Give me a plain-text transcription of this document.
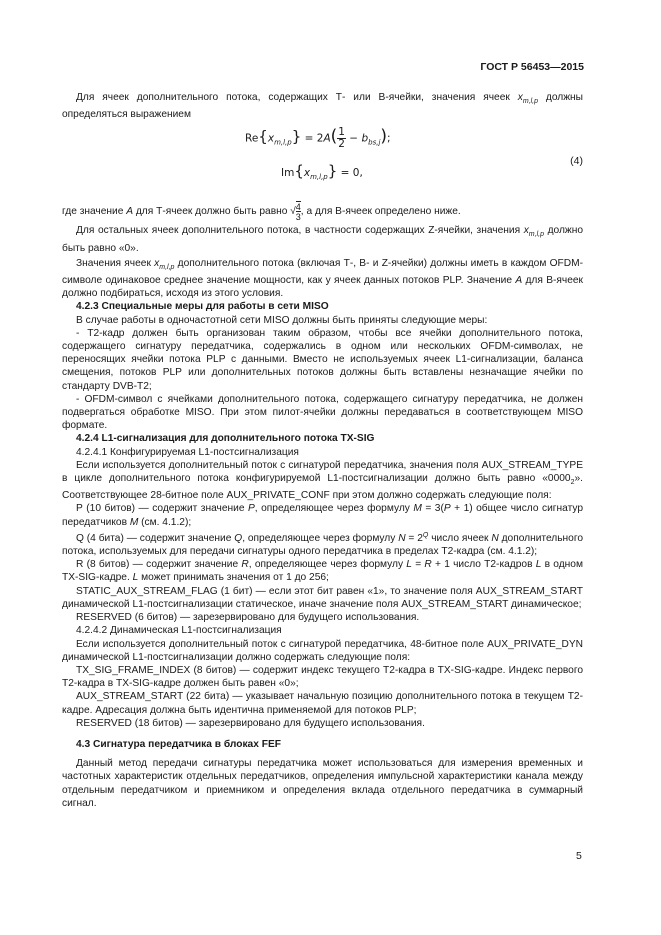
ГОСТ Р 56453—2015

Для ячеек дополнительного потока, содержащих Т- или В-ячейки, значения ячеек $x_{m,l,p}$ должны определяться выражением

$Re\{x_{m,l,p}\} = 2A(\frac{1}{2} - b_{bs,j})$;
$Im\{x_{m,l,p}\} = 0$,
(4)

где значение А для Т-ячеек должно быть равно $√\frac{4}{3}$, а для В-ячеек определено ниже.

Для остальных ячеек дополнительного потока, в частности содержащих Z-ячейки, значения $x_{m,l,p}$ должно быть равно «0».

Значения ячеек $x_{m,l,p}$ дополнительного потока (включая Т-, В- и Z-ячейки) должны иметь в каждом OFDM-символе одинаковое среднее значение мощности, как у ячеек данных потоков PLP. Значение А для В-ячеек должно подбираться, исходя из этого условия.

4.2.3 Специальные меры для работы в сети MISO

В случае работы в одночастотной сети MISO должны быть приняты следующие меры:

- Т2-кадр должен быть организован таким образом, чтобы все ячейки дополнительного потока, содержащего сигнатуру передатчика, содержались в одном или нескольких OFDM-символах, не переносящих ячейки потока PLP с данными. Вместо не используемых ячеек L1-сигнализации, баланса смещения, потоков PLP или дополнительных потоков должны быть вставлены незначащие ячейки по стандарту DVB-T2;

- OFDM-символ с ячейками дополнительного потока, содержащего сигнатуру передатчика, не должен подвергаться обработке MISO. При этом пилот-ячейки должны передаваться в соответствующем MISO формате.

4.2.4 L1-сигнализация для дополнительного потока TX-SIG

4.2.4.1 Конфигурируемая L1-постсигнализация

Если используется дополнительный поток с сигнатурой передатчика, значения поля AUX_STREAM_TYPE в цикле дополнительного потока конфигурируемой L1-постсигнализации должно быть равно «$0000_2$». Соответствующее 28-битное поле AUX_PRIVATE_CONF при этом должно содержать следующие поля:

Р (10 битов) — содержит значение Р, определяющее через формулу М = 3(Р + 1) общее число сигнатур передатчиков М (см. 4.1.2);

Q (4 бита) — содержит значение Q, определяющее через формулу $N = 2^Q$ число ячеек N дополнительного потока, используемых для передачи сигнатуры одного передатчика в пределах Т2-кадра (см. 4.1.2);

R (8 битов) — содержит значение R, определяющее через формулу L = R + 1 число Т2-кадров L в одном TX-SIG-кадре. L может принимать значения от 1 до 256;

STATIC_AUX_STREAM_FLAG (1 бит) — если этот бит равен «1», то значение поля AUX_STREAM_START динамической L1-постсигнализации статическое, иначе значение поля AUX_STREAM_START динамическое;

RESERVED (6 битов) — зарезервировано для будущего использования.

4.2.4.2 Динамическая L1-постсигнализация

Если используется дополнительный поток с сигнатурой передатчика, 48-битное поле AUX_PRIVATE_DYN динамической L1-постсигнализации должно содержать следующие поля:

TX_SIG_FRAME_INDEX (8 битов) — содержит индекс текущего Т2-кадра в TX-SIG-кадре. Индекс первого Т2-кадра в TX-SIG-кадре должен быть равен «0»;

AUX_STREAM_START (22 бита) — указывает начальную позицию дополнительного потока в текущем Т2-кадре. Адресация должна быть идентична применяемой для потоков PLP;

RESERVED (18 битов) — зарезервировано для будущего использования.

4.3 Сигнатура передатчика в блоках FEF

Данный метод передачи сигнатуры передатчика может использоваться для измерения временных и частотных характеристик отдельных передатчиков, определения импульсной характеристики канала между отдельным передатчиком и приемником и определения вклада отдельного передатчика в суммарный сигнал.

5
